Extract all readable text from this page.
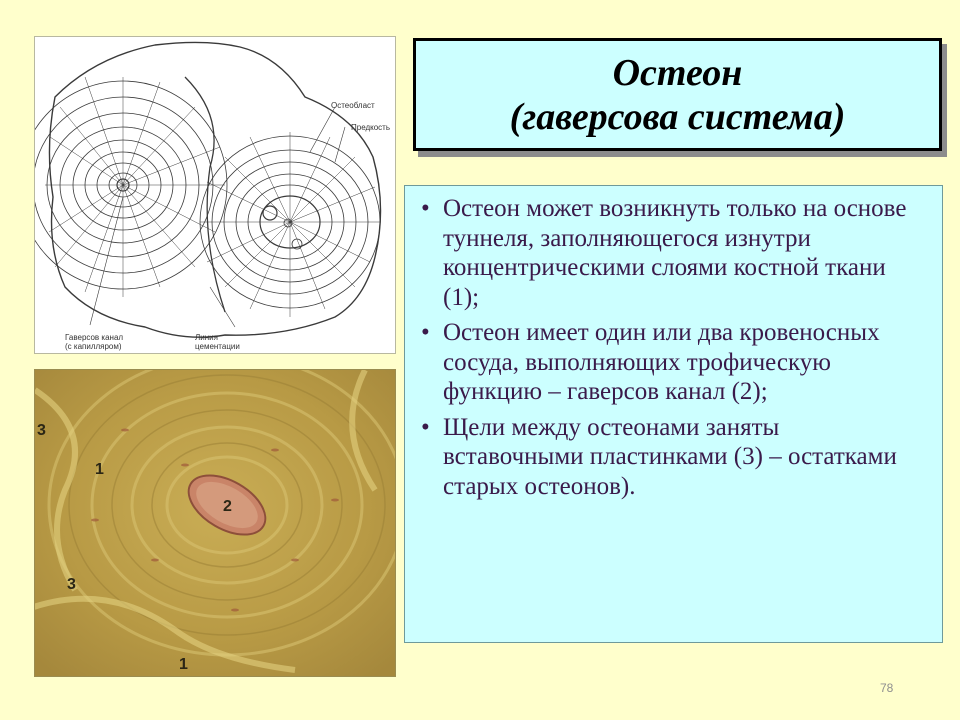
Остеобласт
Предкость
Гаверсов канал
(с капилляром)
Линия
цементации
3
1
2
3
1
Остеон
(гаверсова система)
• Остеон может возникнуть только на основе туннеля, заполняющегося изнутри концентрическими слоями костной ткани (1);
• Остеон имеет один или два кровеносных сосуда, выполняющих трофическую функцию – гаверсов канал (2);
• Щели между остеонами заняты вставочными пластинками (3) – остатками старых остеонов).
78
